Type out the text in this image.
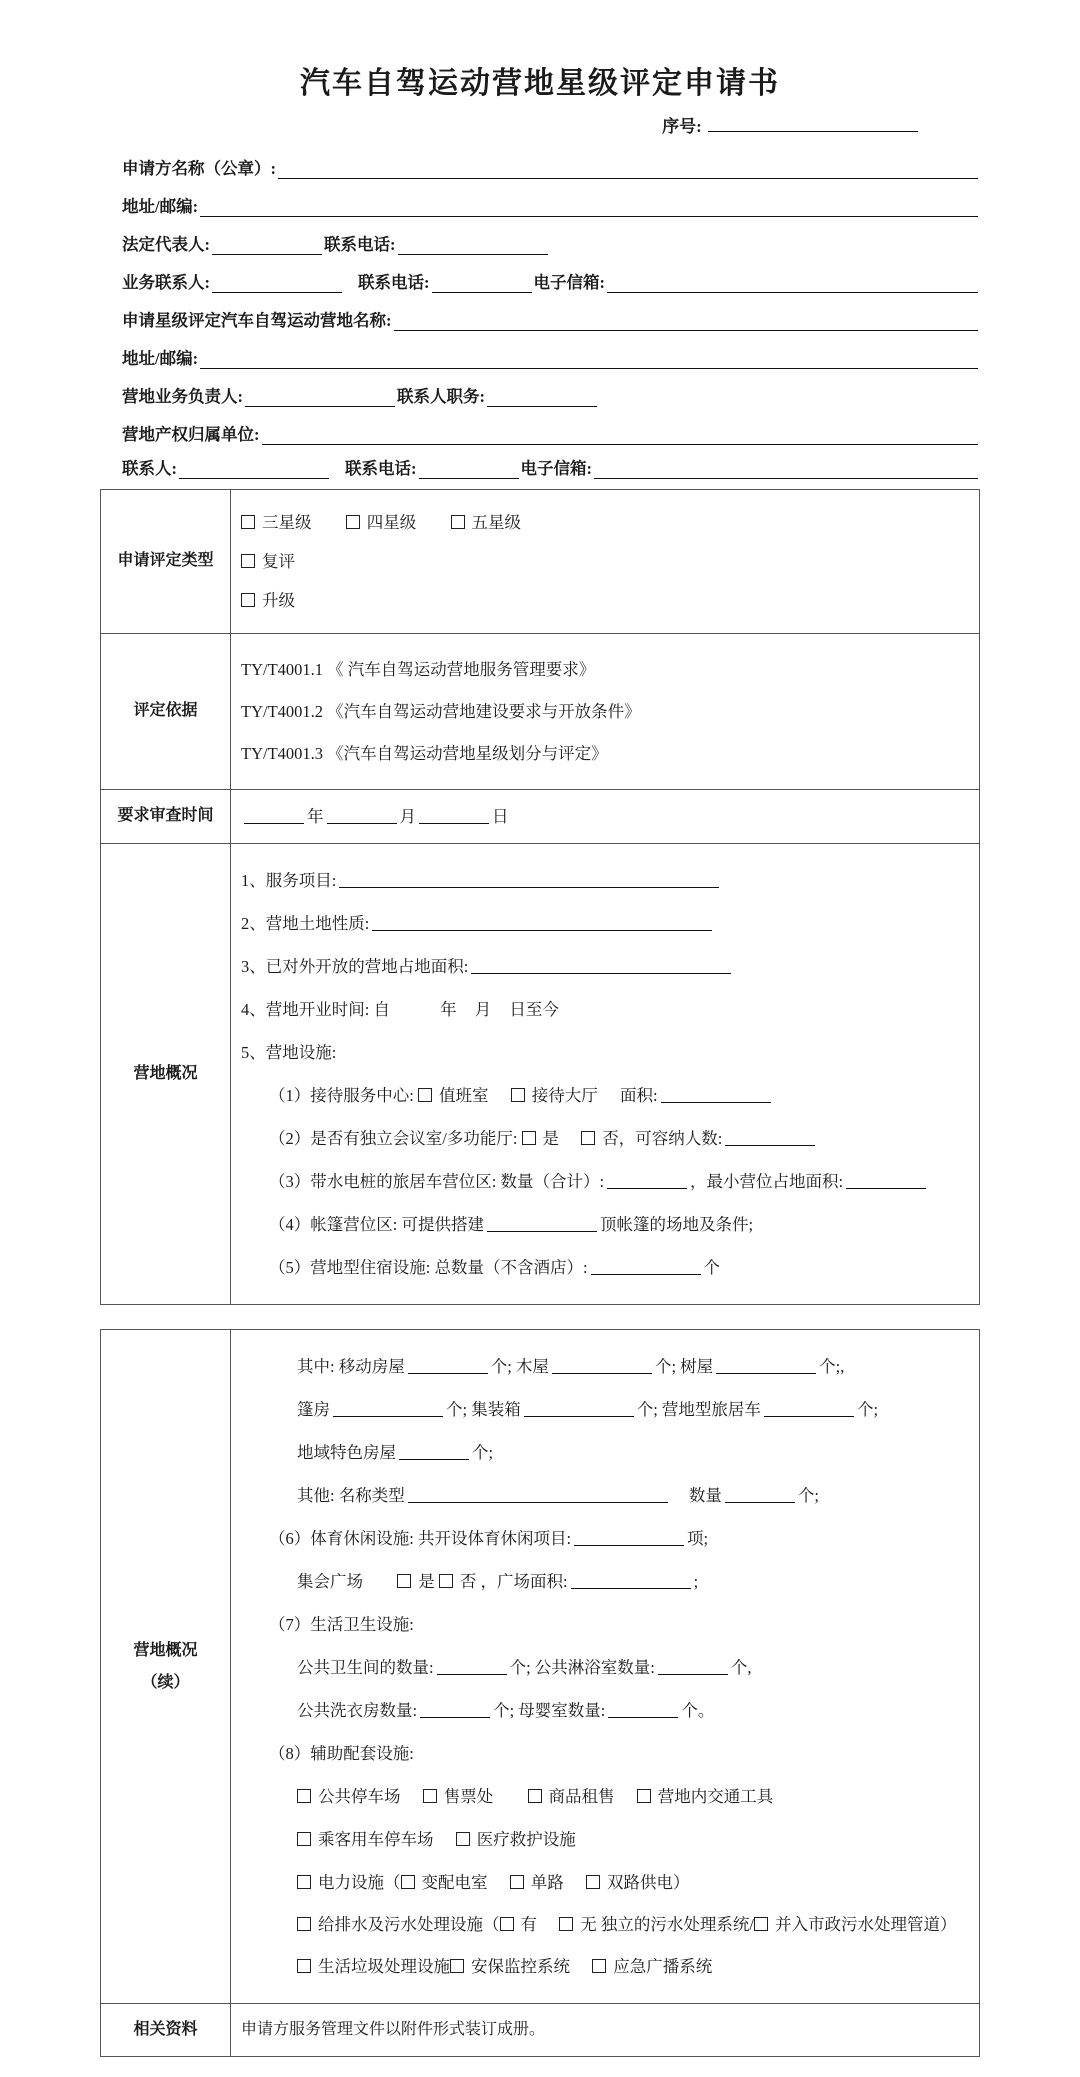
汽车自驾运动营地星级评定申请书
序号:
申请方名称（公章）:
地址/邮编:
法定代表人:	联系电话:
业务联系人:	联系电话:	电子信箱:
申请星级评定汽车自驾运动营地名称:
地址/邮编:
营地业务负责人:	联系人职务:
营地产权归属单位:
联系人:	联系电话:	电子信箱:
申请评定类型	三星级 四星级 五星级
复评
升级

评定依据	TY/T4001.1 《 汽车自驾运动营地服务管理要求》
TY/T4001.2 《汽车自驾运动营地建设要求与开放条件》
TY/T4001.3 《汽车自驾运动营地星级划分与评定》

要求审查时间	年 月 日

营地概况	
1、服务项目:
2、营地土地性质:
3、已对外开放的营地占地面积:
4、营地开业时间: 自	年 月 日至今
5、营地设施:
（1）接待服务中心: 值班室	接待大厅 面积:
（2）是否有独立会议室/多功能厅: 是	否，可容纳人数:
（3）带水电桩的旅居车营位区: 数量（合计）:	，最小营位占地面积:
（4）帐篷营位区: 可提供搭建	顶帐篷的场地及条件;
（5）营地型住宿设施: 总数量（不含酒店）:	个
营地概况
（续）

其中: 移动房屋	个; 木屋	个; 树屋	个;,
篷房	个; 集装箱	个; 营地型旅居车	个;
地域特色房屋	个;
其他: 名称类型	数量	个;
（6）体育休闲设施: 共开设体育休闲项目:	项;
集会广场	是 否 ，广场面积:	;
（7）生活卫生设施:
公共卫生间的数量:	个; 公共淋浴室数量:	个,
公共洗衣房数量:	个; 母婴室数量:	个。
（8）辅助配套设施:
公共停车场	售票处	商品租售	营地内交通工具
乘客用车停车场	医疗救护设施
电力设施（ 变配电室	单路	双路供电）
给排水及污水处理设施（ 有	无 独立的污水处理系统/ 并入市政污水处理管道）
生活垃圾处理设施 安保监控系统	应急广播系统

相关资料	申请方服务管理文件以附件形式装订成册。
